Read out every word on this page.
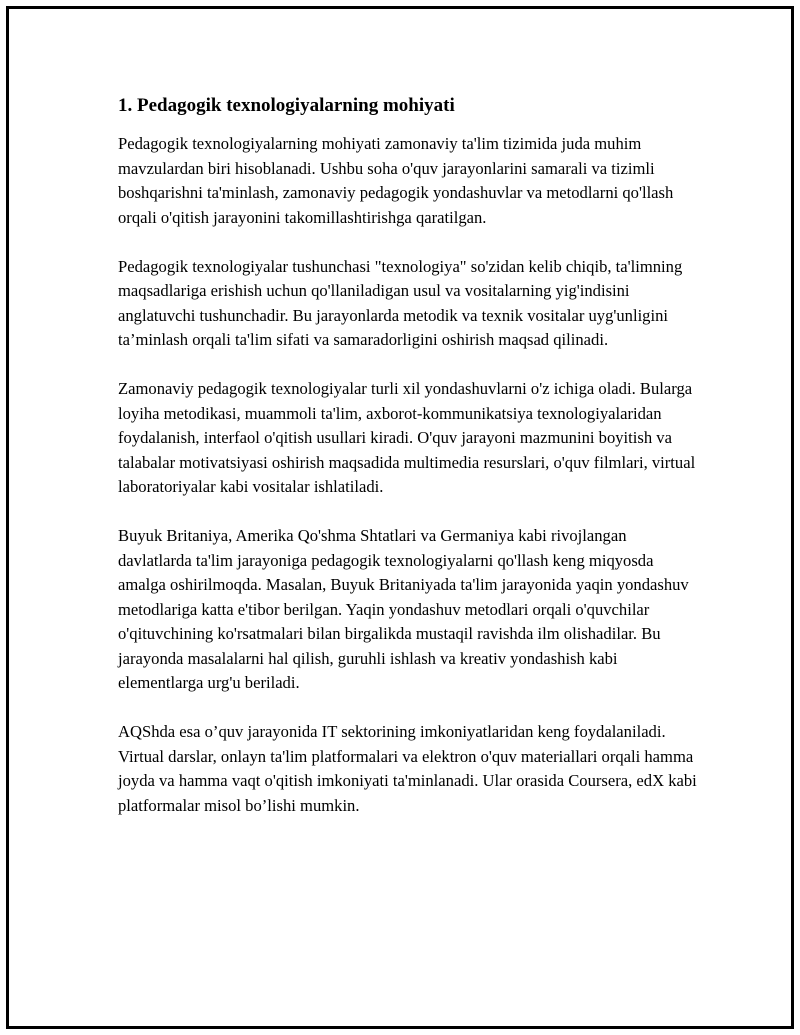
1. Pedagogik texnologiyalarning mohiyati

Pedagogik texnologiyalarning mohiyati zamonaviy ta'lim tizimida juda muhim mavzulardan biri hisoblanadi. Ushbu soha o'quv jarayonlarini samarali va tizimli boshqarishni ta'minlash, zamonaviy pedagogik yondashuvlar va metodlarni qo'llash orqali o'qitish jarayonini takomillashtirishga qaratilgan.

Pedagogik texnologiyalar tushunchasi "texnologiya" so'zidan kelib chiqib, ta'limning maqsadlariga erishish uchun qo'llaniladigan usul va vositalarning yig'indisini anglatuvchi tushunchadir. Bu jarayonlarda metodik va texnik vositalar uyg'unligini ta’minlash orqali ta'lim sifati va samaradorligini oshirish maqsad qilinadi.

Zamonaviy pedagogik texnologiyalar turli xil yondashuvlarni o'z ichiga oladi. Bularga loyiha metodikasi, muammoli ta'lim, axborot-kommunikatsiya texnologiyalaridan foydalanish, interfaol o'qitish usullari kiradi. O'quv jarayoni mazmunini boyitish va talabalar motivatsiyasi oshirish maqsadida multimedia resurslari, o'quv filmlari, virtual laboratoriyalar kabi vositalar ishlatiladi.

Buyuk Britaniya, Amerika Qo'shma Shtatlari va Germaniya kabi rivojlangan davlatlarda ta'lim jarayoniga pedagogik texnologiyalarni qo'llash keng miqyosda amalga oshirilmoqda. Masalan, Buyuk Britaniyada ta'lim jarayonida yaqin yondashuv metodlariga katta e'tibor berilgan. Yaqin yondashuv metodlari orqali o'quvchilar o'qituvchining ko'rsatmalari bilan birgalikda mustaqil ravishda ilm olishadilar. Bu jarayonda masalalarni hal qilish, guruhli ishlash va kreativ yondashish kabi elementlarga urg'u beriladi.

AQShda esa o’quv jarayonida IT sektorining imkoniyatlaridan keng foydalaniladi. Virtual darslar, onlayn ta'lim platformalari va elektron o'quv materiallari orqali hamma joyda va hamma vaqt o'qitish imkoniyati ta'minlanadi. Ular orasida Coursera, edX kabi platformalar misol bo’lishi mumkin.
